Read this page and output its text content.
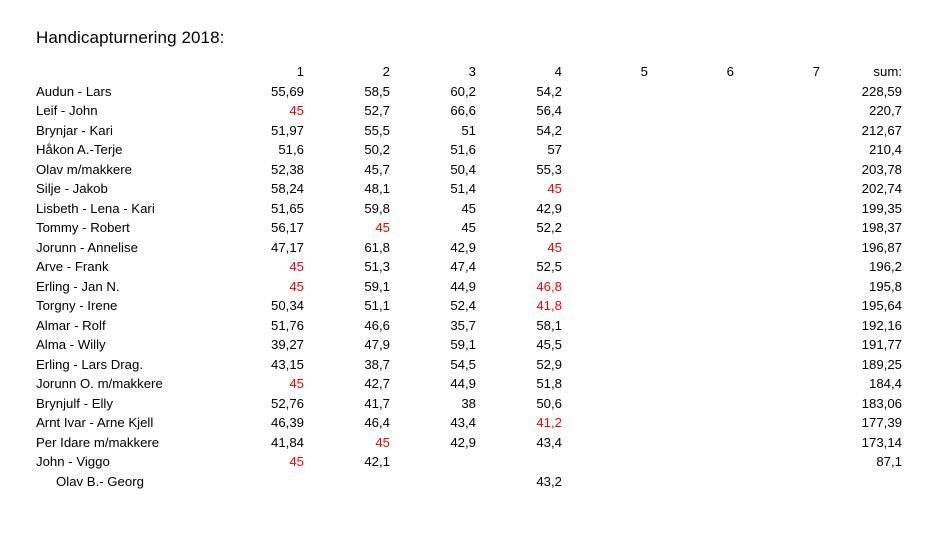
Handicapturnering 2018:
	1	2	3	4	5	6	7	sum:
Audun - Lars	55,69	58,5	60,2	54,2				228,59
Leif - John	45	52,7	66,6	56,4				220,7
Brynjar - Kari	51,97	55,5	51	54,2				212,67
Håkon A.-Terje	51,6	50,2	51,6	57				210,4
Olav m/makkere	52,38	45,7	50,4	55,3				203,78
Silje - Jakob	58,24	48,1	51,4	45				202,74
Lisbeth - Lena - Kari	51,65	59,8	45	42,9				199,35
Tommy - Robert	56,17	45	45	52,2				198,37
Jorunn - Annelise	47,17	61,8	42,9	45				196,87
Arve - Frank	45	51,3	47,4	52,5				196,2
Erling - Jan N.	45	59,1	44,9	46,8				195,8
Torgny - Irene	50,34	51,1	52,4	41,8				195,64
Almar - Rolf	51,76	46,6	35,7	58,1				192,16
Alma - Willy	39,27	47,9	59,1	45,5				191,77
Erling - Lars Drag.	43,15	38,7	54,5	52,9				189,25
Jorunn O. m/makkere	45	42,7	44,9	51,8				184,4
Brynjulf - Elly	52,76	41,7	38	50,6				183,06
Arnt Ivar - Arne Kjell	46,39	46,4	43,4	41,2				177,39
Per Idare m/makkere	41,84	45	42,9	43,4				173,14
John - Viggo	45	42,1						87,1
Olav B.- Georg				43,2				
